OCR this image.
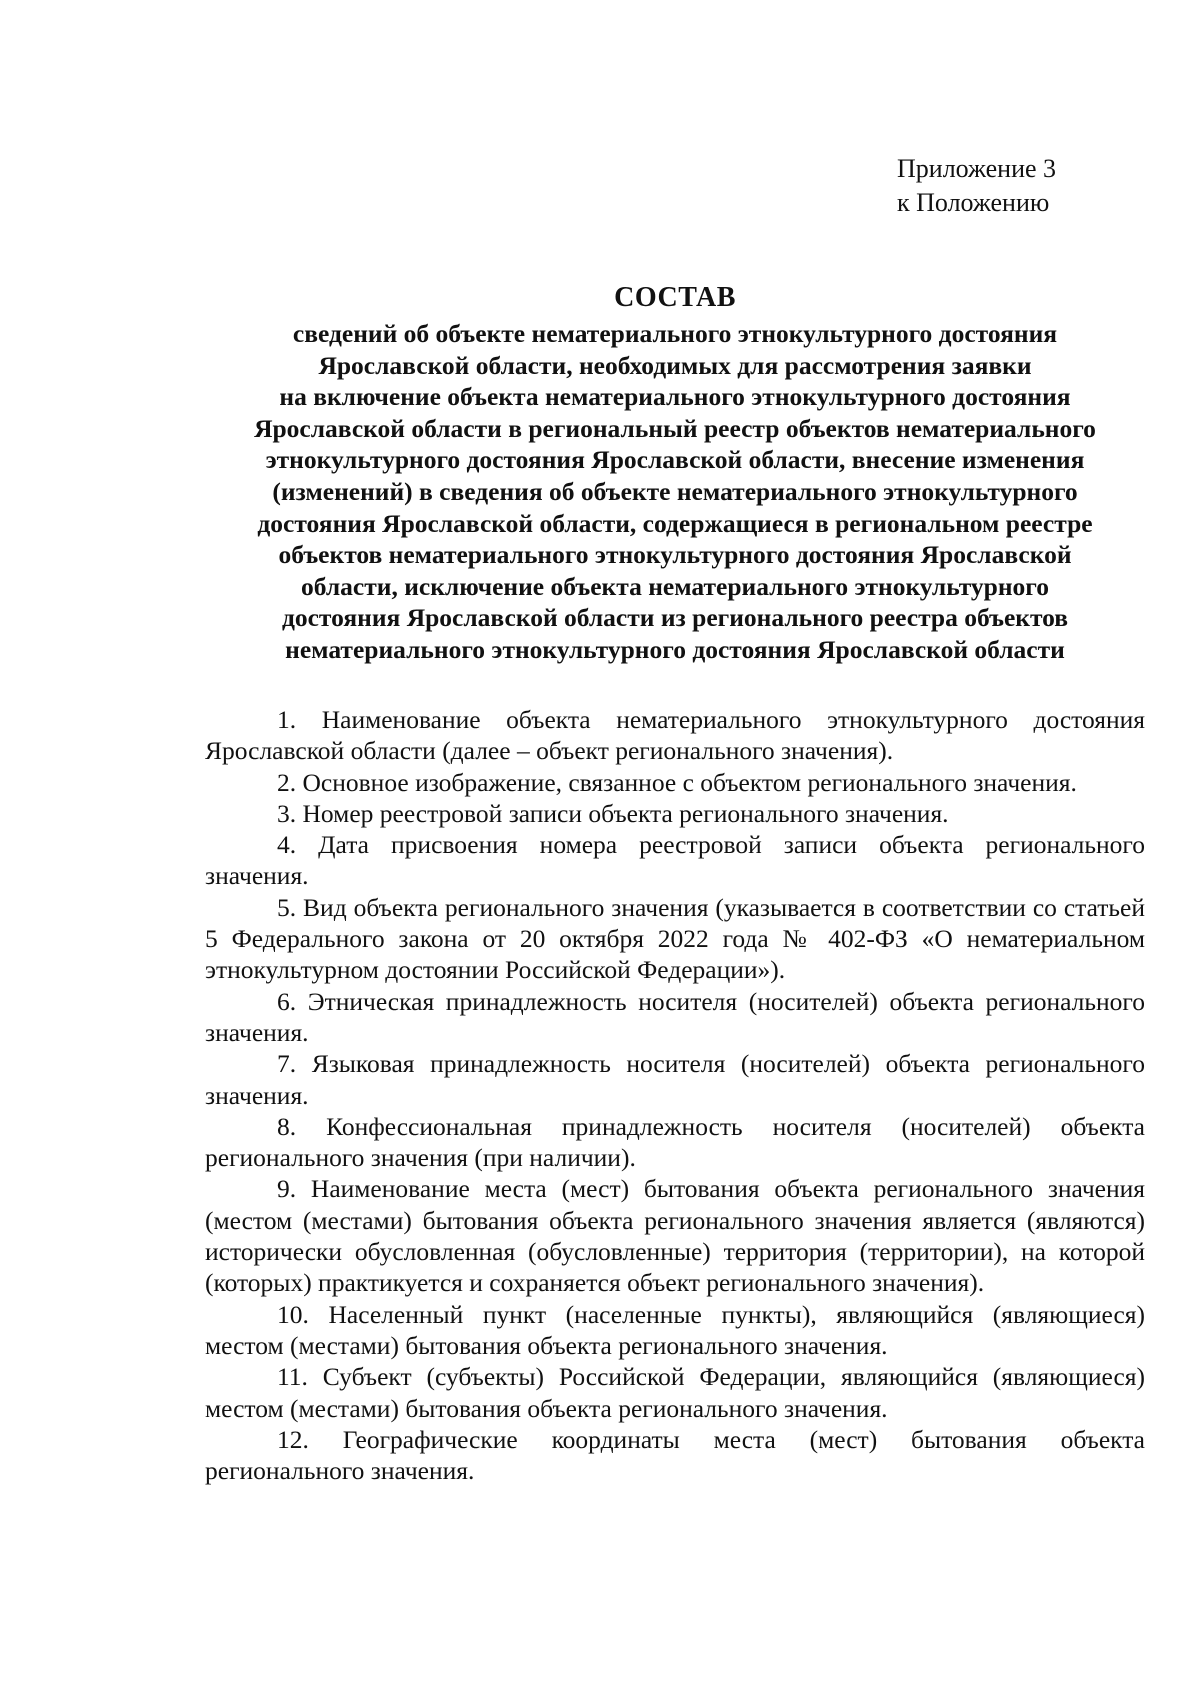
Приложение 3
к Положению
СОСТАВ
сведений об объекте нематериального этнокультурного достояния
Ярославской области, необходимых для рассмотрения заявки
на включение объекта нематериального этнокультурного достояния
Ярославской области в региональный реестр объектов нематериального
этнокультурного достояния Ярославской области, внесение изменения
(изменений) в сведения об объекте нематериального этнокультурного
достояния Ярославской области, содержащиеся в региональном реестре
объектов нематериального этнокультурного достояния Ярославской
области, исключение объекта нематериального этнокультурного
достояния Ярославской области из регионального реестра объектов
нематериального этнокультурного достояния Ярославской области

1. Наименование объекта нематериального этнокультурного достояния Ярославской области (далее – объект регионального значения).

2. Основное изображение, связанное с объектом регионального значения.

3. Номер реестровой записи объекта регионального значения.

4. Дата присвоения номера реестровой записи объекта регионального значения.

5. Вид объекта регионального значения (указывается в соответствии со статьей 5 Федерального закона от 20 октября 2022 года № 402-ФЗ «О нематериальном этнокультурном достоянии Российской Федерации»).

6. Этническая принадлежность носителя (носителей) объекта регионального значения.

7. Языковая принадлежность носителя (носителей) объекта регионального значения.

8. Конфессиональная принадлежность носителя (носителей) объекта регионального значения (при наличии).

9. Наименование места (мест) бытования объекта регионального значения (местом (местами) бытования объекта регионального значения является (являются) исторически обусловленная (обусловленные) территория (территории), на которой (которых) практикуется и сохраняется объект регионального значения).

10. Населенный пункт (населенные пункты), являющийся (являющиеся) местом (местами) бытования объекта регионального значения.

11. Субъект (субъекты) Российской Федерации, являющийся (являющиеся) местом (местами) бытования объекта регионального значения.

12. Географические координаты места (мест) бытования объекта регионального значения.
